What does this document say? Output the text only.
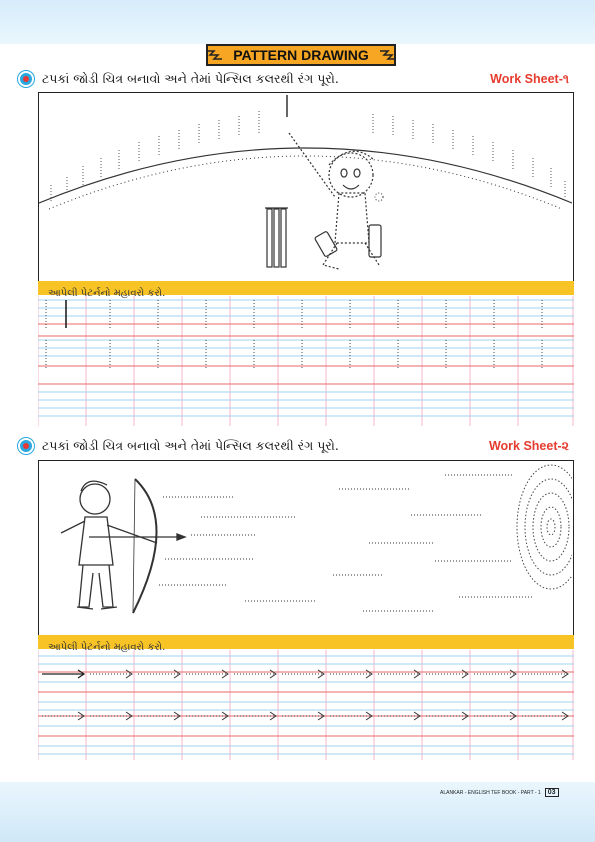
PATTERN DRAWING
ટપકાં જોડી ચિત્ર બનાવો અને તેમાં પેન્સિલ કલરથી રંગ પૂરો.	Work Sheet-૧
આપેલી પેટર્નનો મહાવરો કરો.
ટપકાં જોડી ચિત્ર બનાવો અને તેમાં પેન્સિલ કલરથી રંગ પૂરો.	Work Sheet-૨
આપેલી પેટર્નનો મહાવરો કરો.
ALANKAR - ENGLISH TEF BOOK - PART - 1	03
